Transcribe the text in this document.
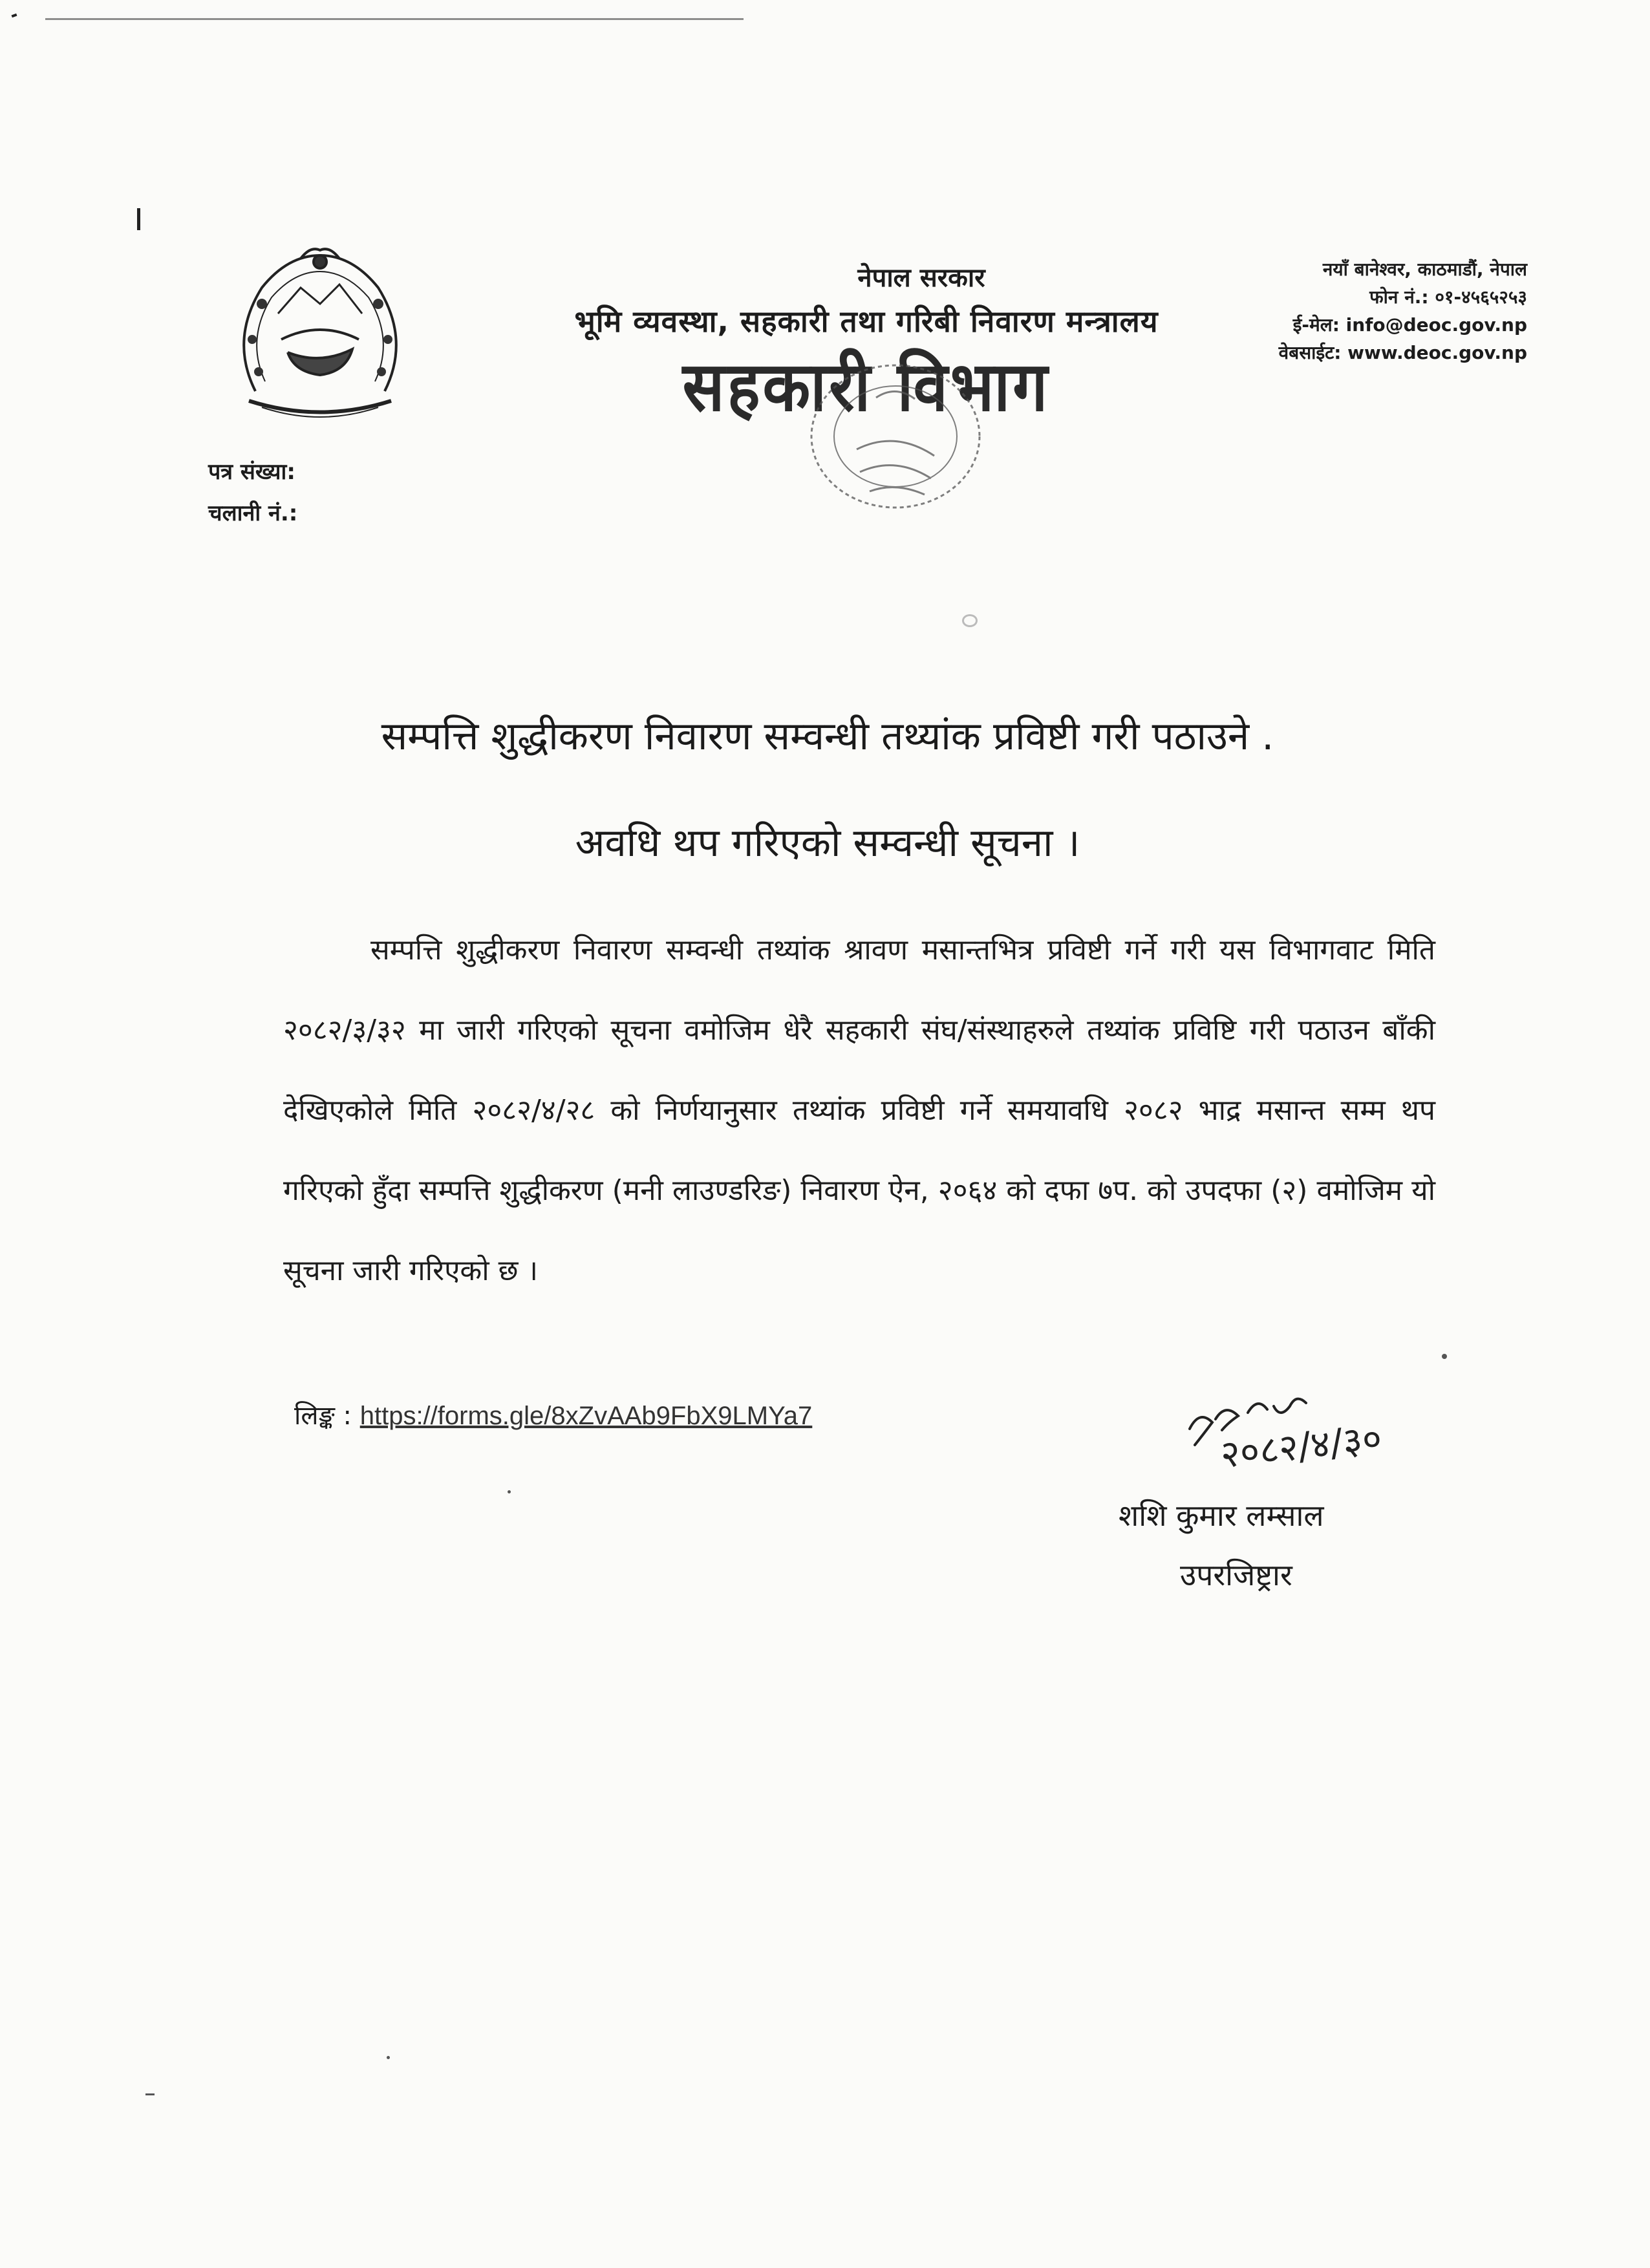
नेपाल सरकार
भूमि व्यवस्था, सहकारी तथा गरिबी निवारण मन्त्रालय
सहकारी विभाग
नयाँ बानेश्वर, काठमाडौं, नेपाल
फोन नं.: ०१-४५६५२५३
ई-मेल: info@deoc.gov.np
वेबसाईट: www.deoc.gov.np
पत्र संख्या:
चलानी नं.:
सम्पत्ति शुद्धीकरण निवारण सम्वन्धी तथ्यांक प्रविष्टी गरी पठाउने .
अवधि थप गरिएको सम्वन्धी सूचना ।
सम्पत्ति शुद्धीकरण निवारण सम्वन्धी तथ्यांक श्रावण मसान्तभित्र प्रविष्टी गर्ने गरी यस विभागवाट मिति २०८२/३/३२ मा जारी गरिएको सूचना वमोजिम धेरै सहकारी संघ/संस्थाहरुले तथ्यांक प्रविष्टि गरी पठाउन बाँकी देखिएकोले मिति २०८२/४/२८ को निर्णयानुसार तथ्यांक प्रविष्टी गर्ने समयावधि २०८२ भाद्र मसान्त सम्म थप गरिएको हुँदा सम्पत्ति शुद्धीकरण (मनी लाउण्डरिङ) निवारण ऐन, २०६४ को दफा ७प. को उपदफा (२) वमोजिम यो सूचना जारी गरिएको छ ।
लिङ्क : https://forms.gle/8xZvAAb9FbX9LMYa7
२०८२/४/३०
शशि कुमार लम्साल
उपरजिष्ट्रार
